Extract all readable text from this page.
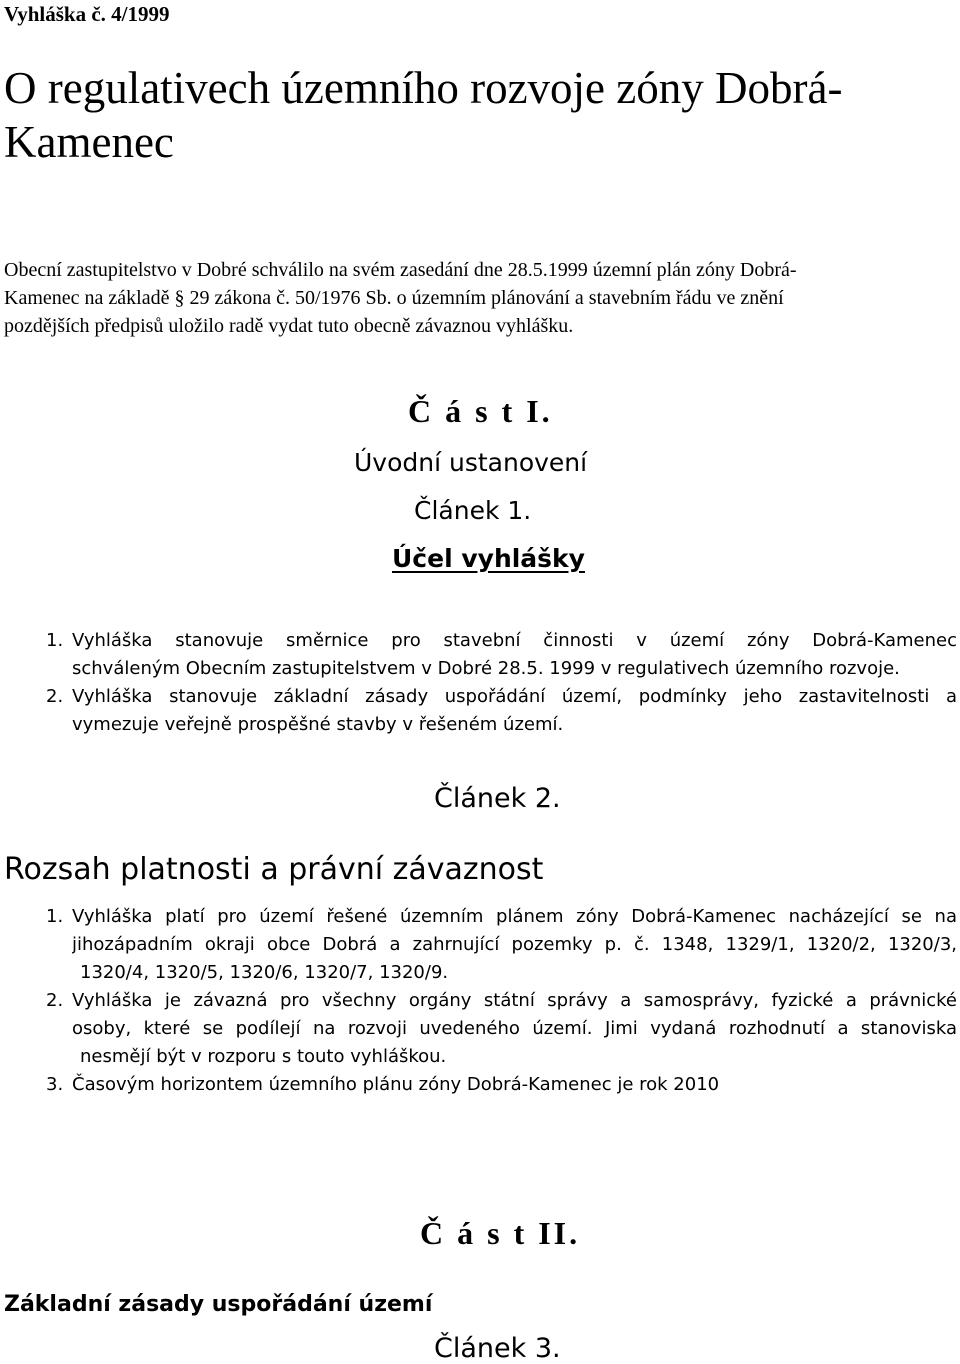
Vyhláška č. 4/1999
O regulativech územního rozvoje zóny Dobrá-
Kamenec
Obecní zastupitelstvo v Dobré schválilo na svém zasedání dne 28.5.1999 územní plán zóny Dobrá-
Kamenec na základě § 29 zákona č. 50/1976 Sb. o územním plánování a stavebním řádu ve znění
pozdějších předpisů uložilo radě vydat tuto obecně závaznou vyhlášku.
Č á s t I.
Úvodní ustanovení
Článek 1.
Účel vyhlášky
1. Vyhláška stanovuje směrnice pro stavební činnosti v území zóny Dobrá-Kamenec
schváleným Obecním zastupitelstvem v Dobré 28.5. 1999 v regulativech územního rozvoje.
2. Vyhláška stanovuje základní zásady uspořádání území, podmínky jeho zastavitelnosti a
vymezuje veřejně prospěšné stavby v řešeném území.
Článek 2.
Rozsah platnosti a právní závaznost
1. Vyhláška platí pro území řešené územním plánem zóny Dobrá-Kamenec nacházející se na
jihozápadním okraji obce Dobrá a zahrnující pozemky p. č. 1348, 1329/1, 1320/2, 1320/3,
1320/4, 1320/5, 1320/6, 1320/7, 1320/9.
2. Vyhláška je závazná pro všechny orgány státní správy a samosprávy, fyzické a právnické
osoby, které se podílejí na rozvoji uvedeného území. Jimi vydaná rozhodnutí a stanoviska
nesmějí být v rozporu s touto vyhláškou.
3. Časovým horizontem územního plánu zóny Dobrá-Kamenec je rok 2010
Č á s t II.
Základní zásady uspořádání území
Článek 3.
